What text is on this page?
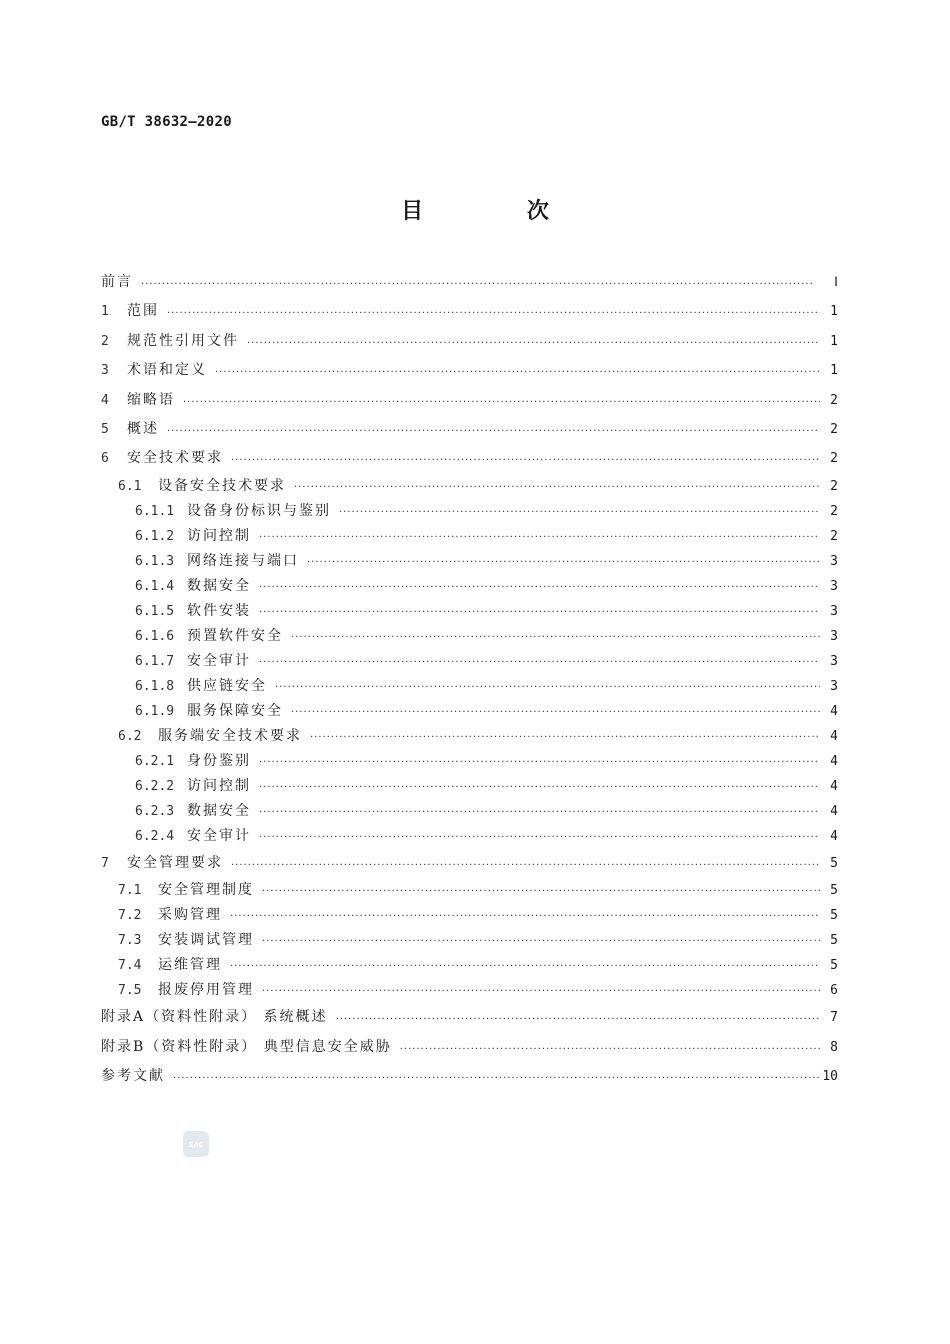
GB/T 38632—2020
目 次
前言 ·····	Ⅰ
1	范围 ·····	1
2	规范性引用文件 ·····	1
3	术语和定义 ·····	1
4	缩略语 ·····	2
5	概述 ·····	2
6	安全技术要求 ·····	2
6.1	设备安全技术要求 ·····	2
6.1.1 设备身份标识与鉴别 ·····	2
6.1.2 访问控制 ·····	2
6.1.3 网络连接与端口 ·····	3
6.1.4 数据安全 ·····	3
6.1.5 软件安装 ·····	3
6.1.6 预置软件安全 ·····	3
6.1.7 安全审计 ·····	3
6.1.8 供应链安全 ·····	3
6.1.9 服务保障安全 ·····	4
6.2	服务端安全技术要求 ·····	4
6.2.1 身份鉴别 ·····	4
6.2.2 访问控制 ·····	4
6.2.3 数据安全 ·····	4
6.2.4 安全审计 ·····	4
7	安全管理要求 ·····	5
7.1	安全管理制度 ·····	5
7.2	采购管理 ·····	5
7.3	安装调试管理 ·····	5
7.4	运维管理 ·····	5
7.5	报废停用管理 ·····	6
附录A（资料性附录） 系统概述 ·····	7
附录B（资料性附录） 典型信息安全威胁 ·····	8
参考文献 ·····	10
SAC
